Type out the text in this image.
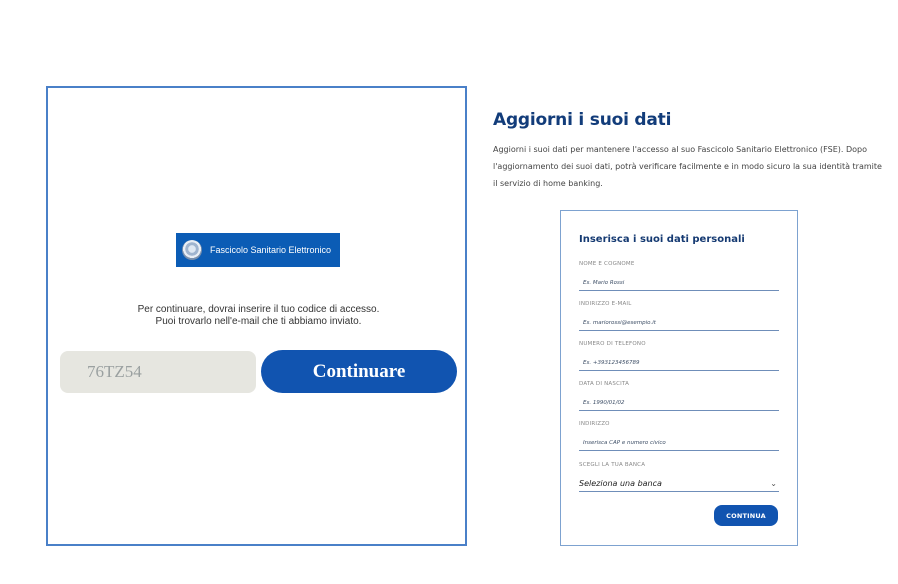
Fascicolo Sanitario Elettronico
Per continuare, dovrai inserire il tuo codice di accesso.
Puoi trovarlo nell'e-mail che ti abbiamo inviato.
76TZ54	Continuare
Aggiorni i suoi dati
Aggiorni i suoi dati per mantenere l'accesso al suo Fascicolo Sanitario Elettronico (FSE). Dopo l'aggiornamento dei suoi dati, potrà verificare facilmente e in modo sicuro la sua identità tramite il servizio di home banking.
Inserisca i suoi dati personali
NOME E COGNOME
Es. Mario Rossi
INDIRIZZO E-MAIL
Es. mariorossi@esempio.it
NUMERO DI TELEFONO
Es. +393123456789
DATA DI NASCITA
Es. 1990/01/02
INDIRIZZO
Inserisca CAP e numero civico
SCEGLI LA TUA BANCA
Seleziona una banca	⌄
CONTINUA
